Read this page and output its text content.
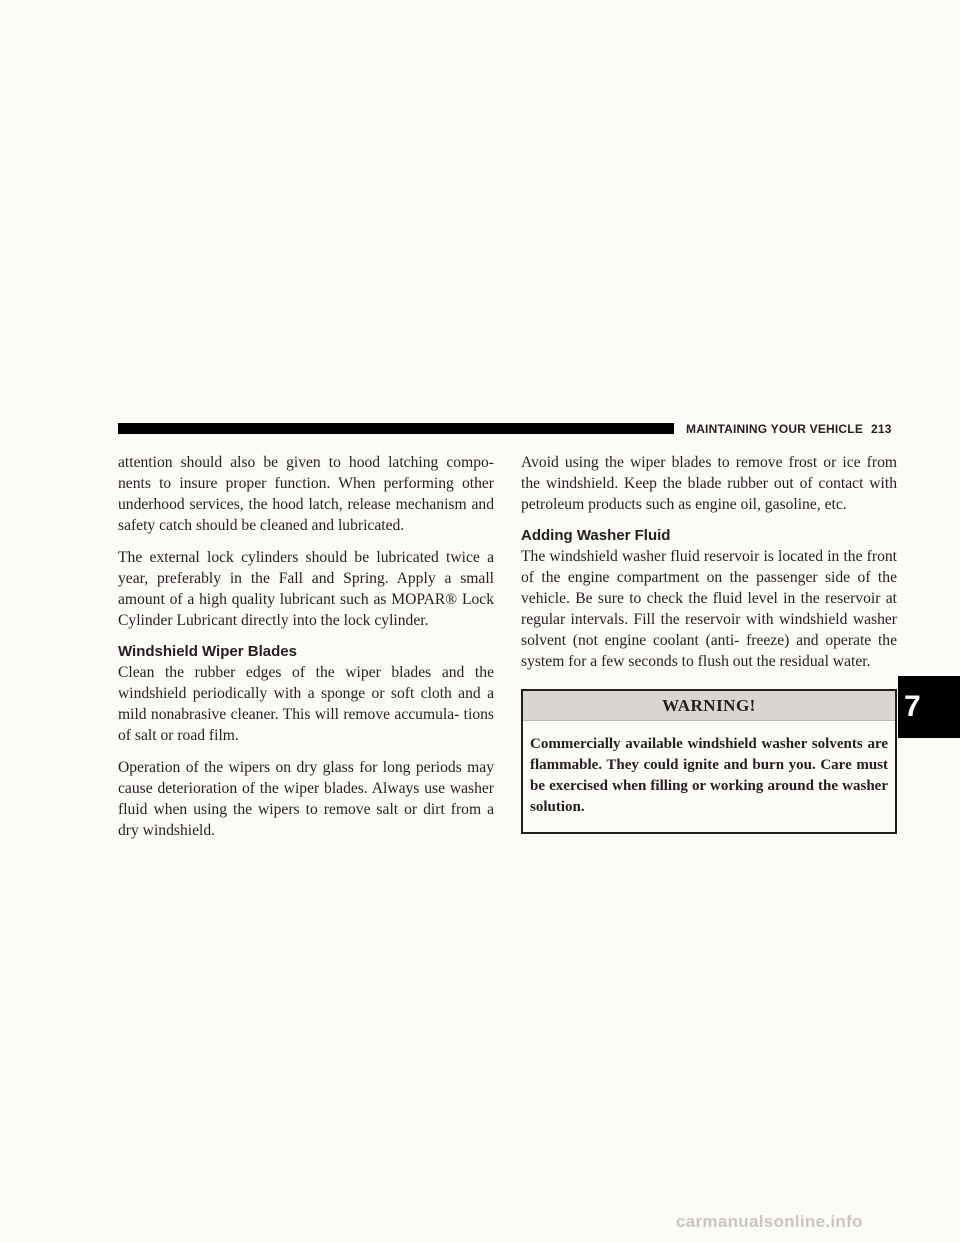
MAINTAINING YOUR VEHICLE 213

attention should also be given to hood latching compo- nents to insure proper function. When performing other underhood services, the hood latch, release mechanism and safety catch should be cleaned and lubricated.

The external lock cylinders should be lubricated twice a year, preferably in the Fall and Spring. Apply a small amount of a high quality lubricant such as MOPAR® Lock Cylinder Lubricant directly into the lock cylinder.

Windshield Wiper Blades

Clean the rubber edges of the wiper blades and the windshield periodically with a sponge or soft cloth and a mild nonabrasive cleaner. This will remove accumula- tions of salt or road film.

Operation of the wipers on dry glass for long periods may cause deterioration of the wiper blades. Always use washer fluid when using the wipers to remove salt or dirt from a dry windshield.

Avoid using the wiper blades to remove frost or ice from the windshield. Keep the blade rubber out of contact with petroleum products such as engine oil, gasoline, etc.

Adding Washer Fluid

The windshield washer fluid reservoir is located in the front of the engine compartment on the passenger side of the vehicle. Be sure to check the fluid level in the reservoir at regular intervals. Fill the reservoir with windshield washer solvent (not engine coolant (anti- freeze) and operate the system for a few seconds to flush out the residual water.

WARNING!
Commercially available windshield washer solvents are flammable. They could ignite and burn you. Care must be exercised when filling or working around the washer solution.
7
carmanualsonline.info
